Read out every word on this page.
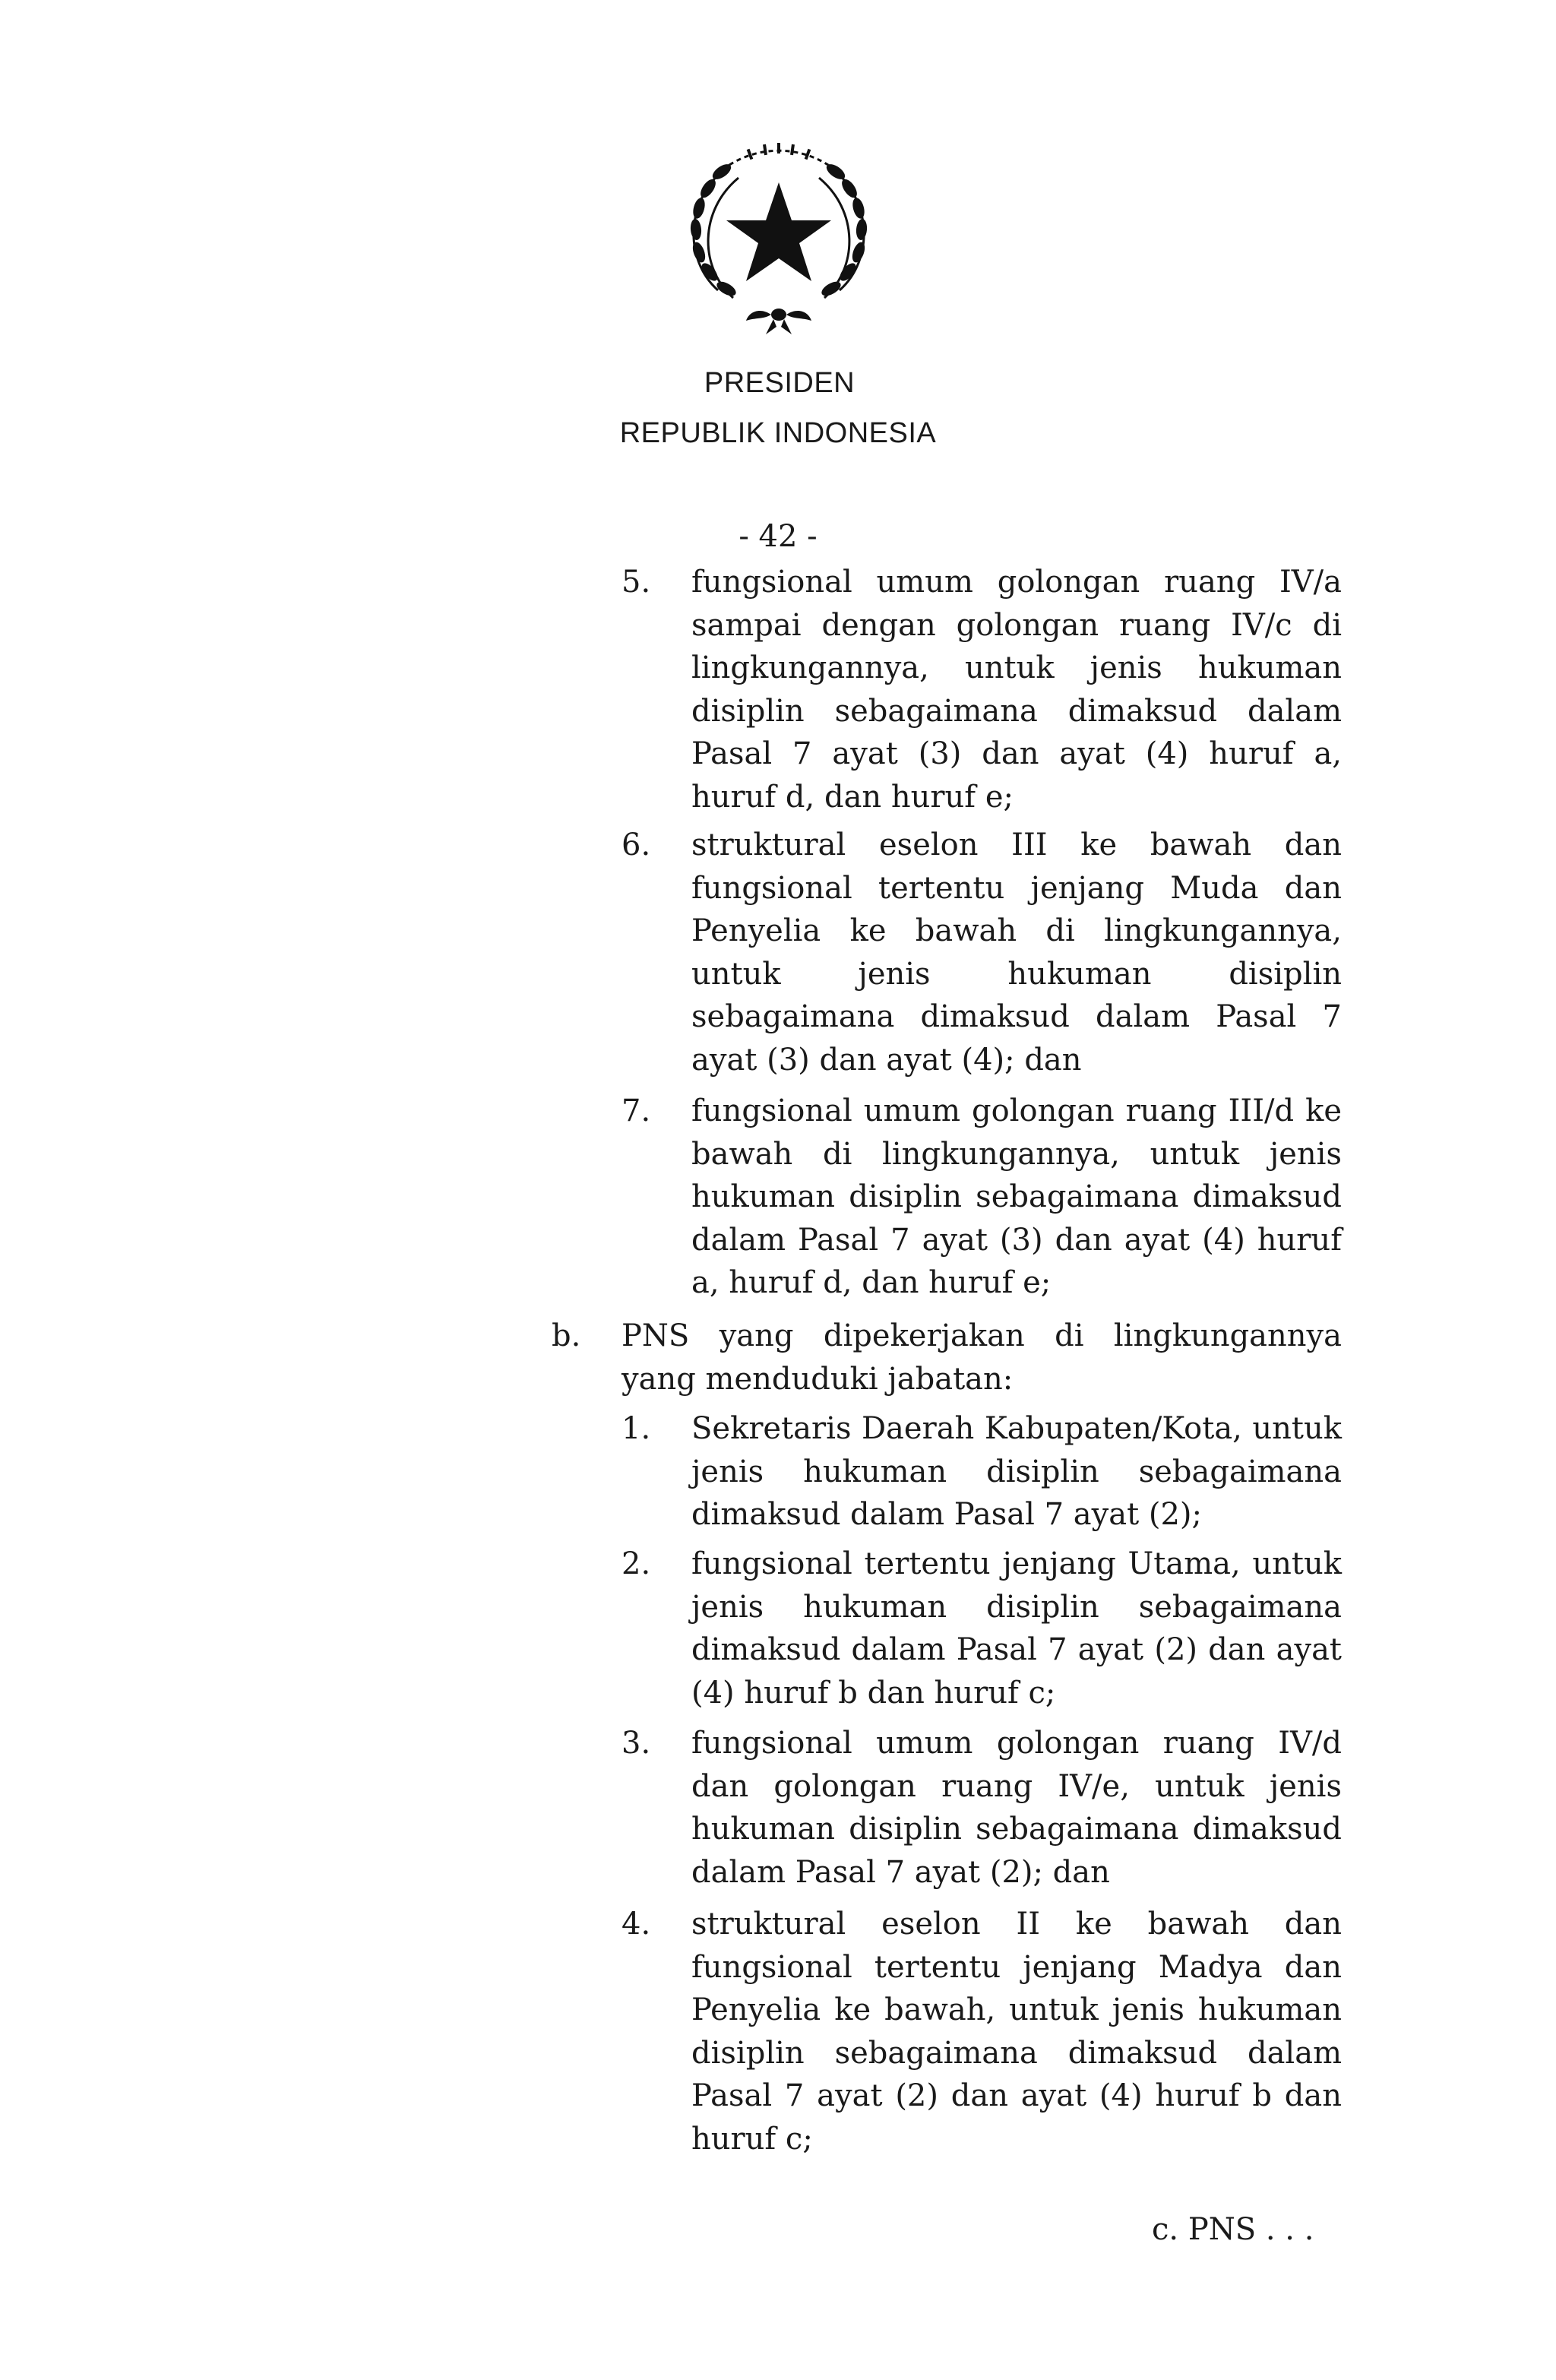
PRESIDEN
REPUBLIK INDONESIA
- 42 -
5. fungsional umum golongan ruang IV/a sampai dengan golongan ruang IV/c di lingkungannya, untuk jenis hukuman disiplin sebagaimana dimaksud dalam Pasal 7 ayat (3) dan ayat (4) huruf a, huruf d, dan huruf e;
6. struktural eselon III ke bawah dan fungsional tertentu jenjang Muda dan Penyelia ke bawah di lingkungannya, untuk jenis hukuman disiplin sebagaimana dimaksud dalam Pasal 7 ayat (3) dan ayat (4); dan
7. fungsional umum golongan ruang III/d ke bawah di lingkungannya, untuk jenis hukuman disiplin sebagaimana dimaksud dalam Pasal 7 ayat (3) dan ayat (4) huruf a, huruf d, dan huruf e;
b. PNS yang dipekerjakan di lingkungannya yang menduduki jabatan:
1. Sekretaris Daerah Kabupaten/Kota, untuk jenis hukuman disiplin sebagaimana dimaksud dalam Pasal 7 ayat (2);
2. fungsional tertentu jenjang Utama, untuk jenis hukuman disiplin sebagaimana dimaksud dalam Pasal 7 ayat (2) dan ayat (4) huruf b dan huruf c;
3. fungsional umum golongan ruang IV/d dan golongan ruang IV/e, untuk jenis hukuman disiplin sebagaimana dimaksud dalam Pasal 7 ayat (2); dan
4. struktural eselon II ke bawah dan fungsional tertentu jenjang Madya dan Penyelia ke bawah, untuk jenis hukuman disiplin sebagaimana dimaksud dalam Pasal 7 ayat (2) dan ayat (4) huruf b dan huruf c;
c. PNS . . .
